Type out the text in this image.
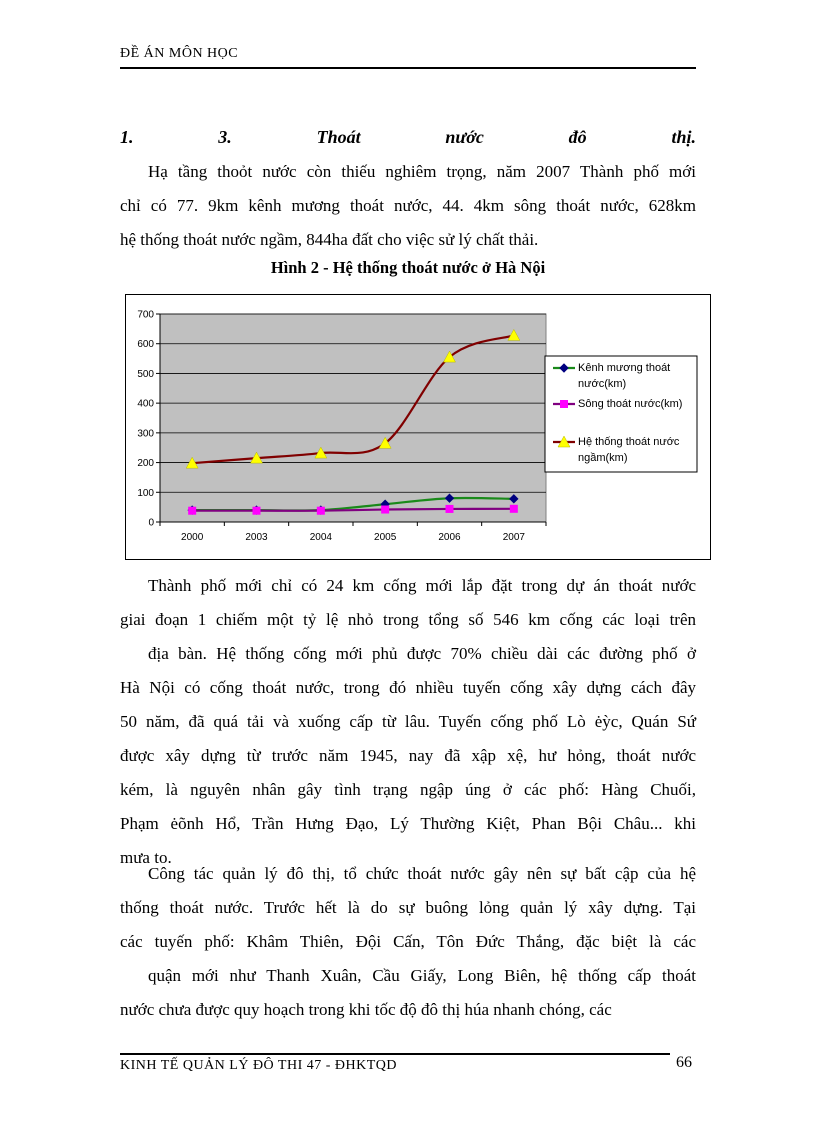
ĐỀ ÁN MÔN HỌC
1.	3.	Thoát	nước	đô	thị.
Hạ tầng thoỏt nước còn thiếu nghiêm trọng, năm 2007 Thành phố mới
chỉ có 77. 9km kênh mương thoát nước, 44. 4km sông thoát nước, 628km
hệ thống thoát nước ngầm, 844ha đất cho việc sử lý chất thải.
Hình 2 - Hệ thống thoát nước ở Hà Nội
0
100
200
300
400
500
600
700
2000	2003	2004	2005	2006	2007
Kênh mương thoát
nước(km)
Sông thoát nước(km)
Hệ thống thoát nước
ngầm(km)
Thành phố mới chỉ có 24 km cống mới lắp đặt trong dự án thoát nước
giai đoạn 1 chiếm một tỷ lệ nhỏ trong tổng số 546 km cống các loại trên
địa bàn. Hệ thống cống mới phủ được 70% chiều dài các đường phố ở
Hà Nội có cống thoát nước, trong đó nhiều tuyến cống xây dựng cách đây
50 năm, đã quá tải và xuống cấp từ lâu. Tuyến cống phố Lò ėỳc, Quán Sứ
được xây dựng từ trước năm 1945, nay đã xập xệ, hư hỏng, thoát nước
kém, là nguyên nhân gây tình trạng ngập úng ở các phố: Hàng Chuối,
Phạm ėõnh Hổ, Trần Hưng Đạo, Lý Thường Kiệt, Phan Bội Châu... khi
mưa to.
Công tác quản lý đô thị, tổ chức thoát nước gây nên sự bất cập của hệ
thống thoát nước. Trước hết là do sự buông lỏng quản lý xây dựng. Tại
các tuyến phố: Khâm Thiên, Đội Cấn, Tôn Đức Thắng, đặc biệt là các
quận mới như Thanh Xuân, Cầu Giấy, Long Biên, hệ thống cấp thoát
nước chưa được quy hoạch trong khi tốc độ đô thị húa nhanh chóng, các
KINH TẾ QUẢN LÝ ĐÔ THI 47 - ĐHKTQD	66
